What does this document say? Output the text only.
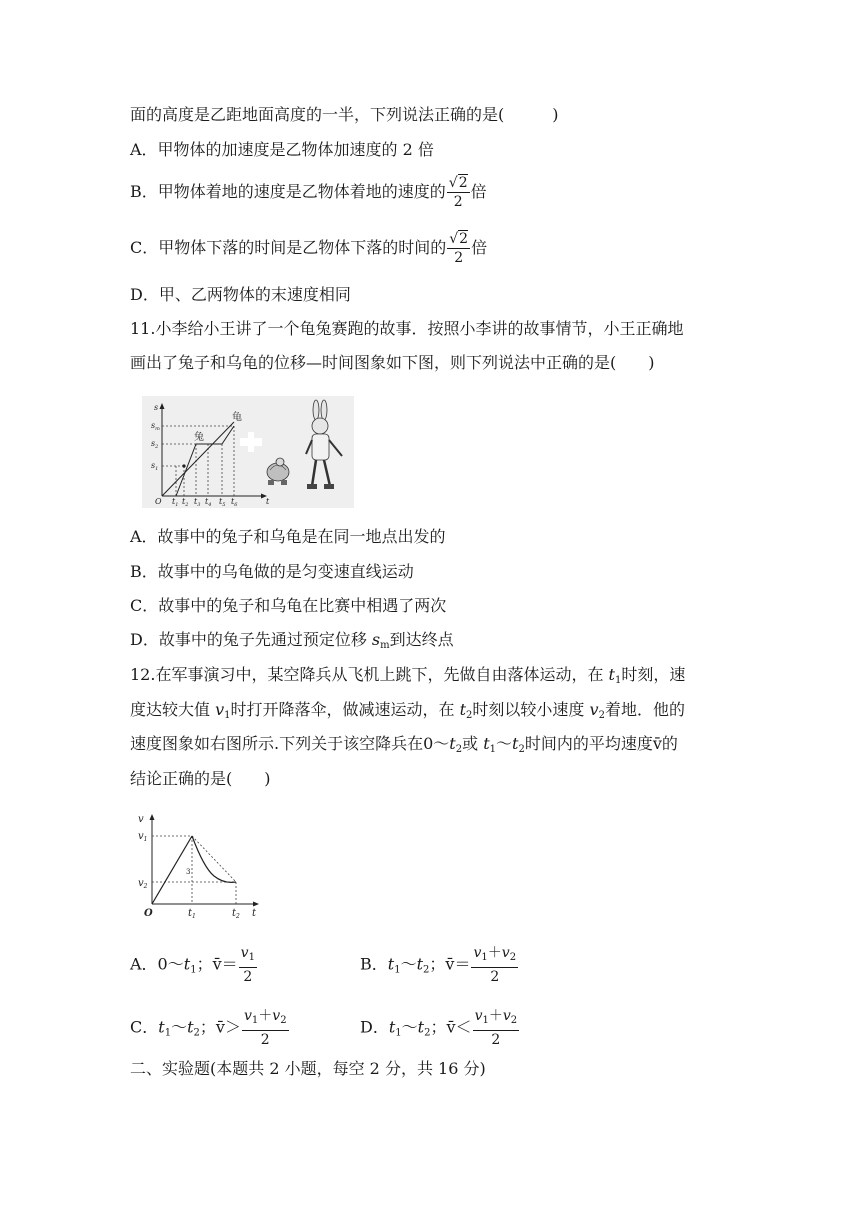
面的高度是乙距地面高度的一半，下列说法正确的是(　　　)
A．甲物体的加速度是乙物体加速度的 2 倍
B．甲物体着地的速度是乙物体着地的速度的 $\frac{√2}{2}$ 倍
C．甲物体下落的时间是乙物体下落的时间的 $\frac{√2}{2}$ 倍
D．甲、乙两物体的末速度相同
11.小李给小王讲了一个龟兔赛跑的故事．按照小李讲的故事情节，小王正确地
画出了兔子和乌龟的位移—时间图象如下图，则下列说法中正确的是(　　)
s
$s_m$
$s_2$
$s_1$
O	t
$t_1$ $t_2$ $t_3$ $t_4$ $t_5$ $t_6$
龟
兔
A．故事中的兔子和乌龟是在同一地点出发的
B．故事中的乌龟做的是匀变速直线运动
C．故事中的兔子和乌龟在比赛中相遇了两次
D．故事中的兔子先通过预定位移 $s_m$到达终点
12.在军事演习中，某空降兵从飞机上跳下，先做自由落体运动，在 $t_1$时刻，速
度达较大值 $v_1$时打开降落伞，做减速运动，在 $t_2$时刻以较小速度 $v_2$着地．他的
速度图象如右图所示.下列关于该空降兵在$0\sim t_2$或 $t_1\sim t_2$时间内的平均速度v̄的
结论正确的是(　　)
3
v
$v_1$
$v_2$
O	$t_1$	$t_2$ t
A．$0\sim t_1$；v̄＝ $\frac{v_1}{2}$	B．$t_1\sim t_2$；v̄＝ $\frac{v_1+v_2}{2}$
C．$t_1\sim t_2$；v̄＞ $\frac{v_1+v_2}{2}$	D．$t_1\sim t_2$；v̄＜ $\frac{v_1+v_2}{2}$
二、实验题(本题共 2 小题，每空 2 分，共 16 分)
